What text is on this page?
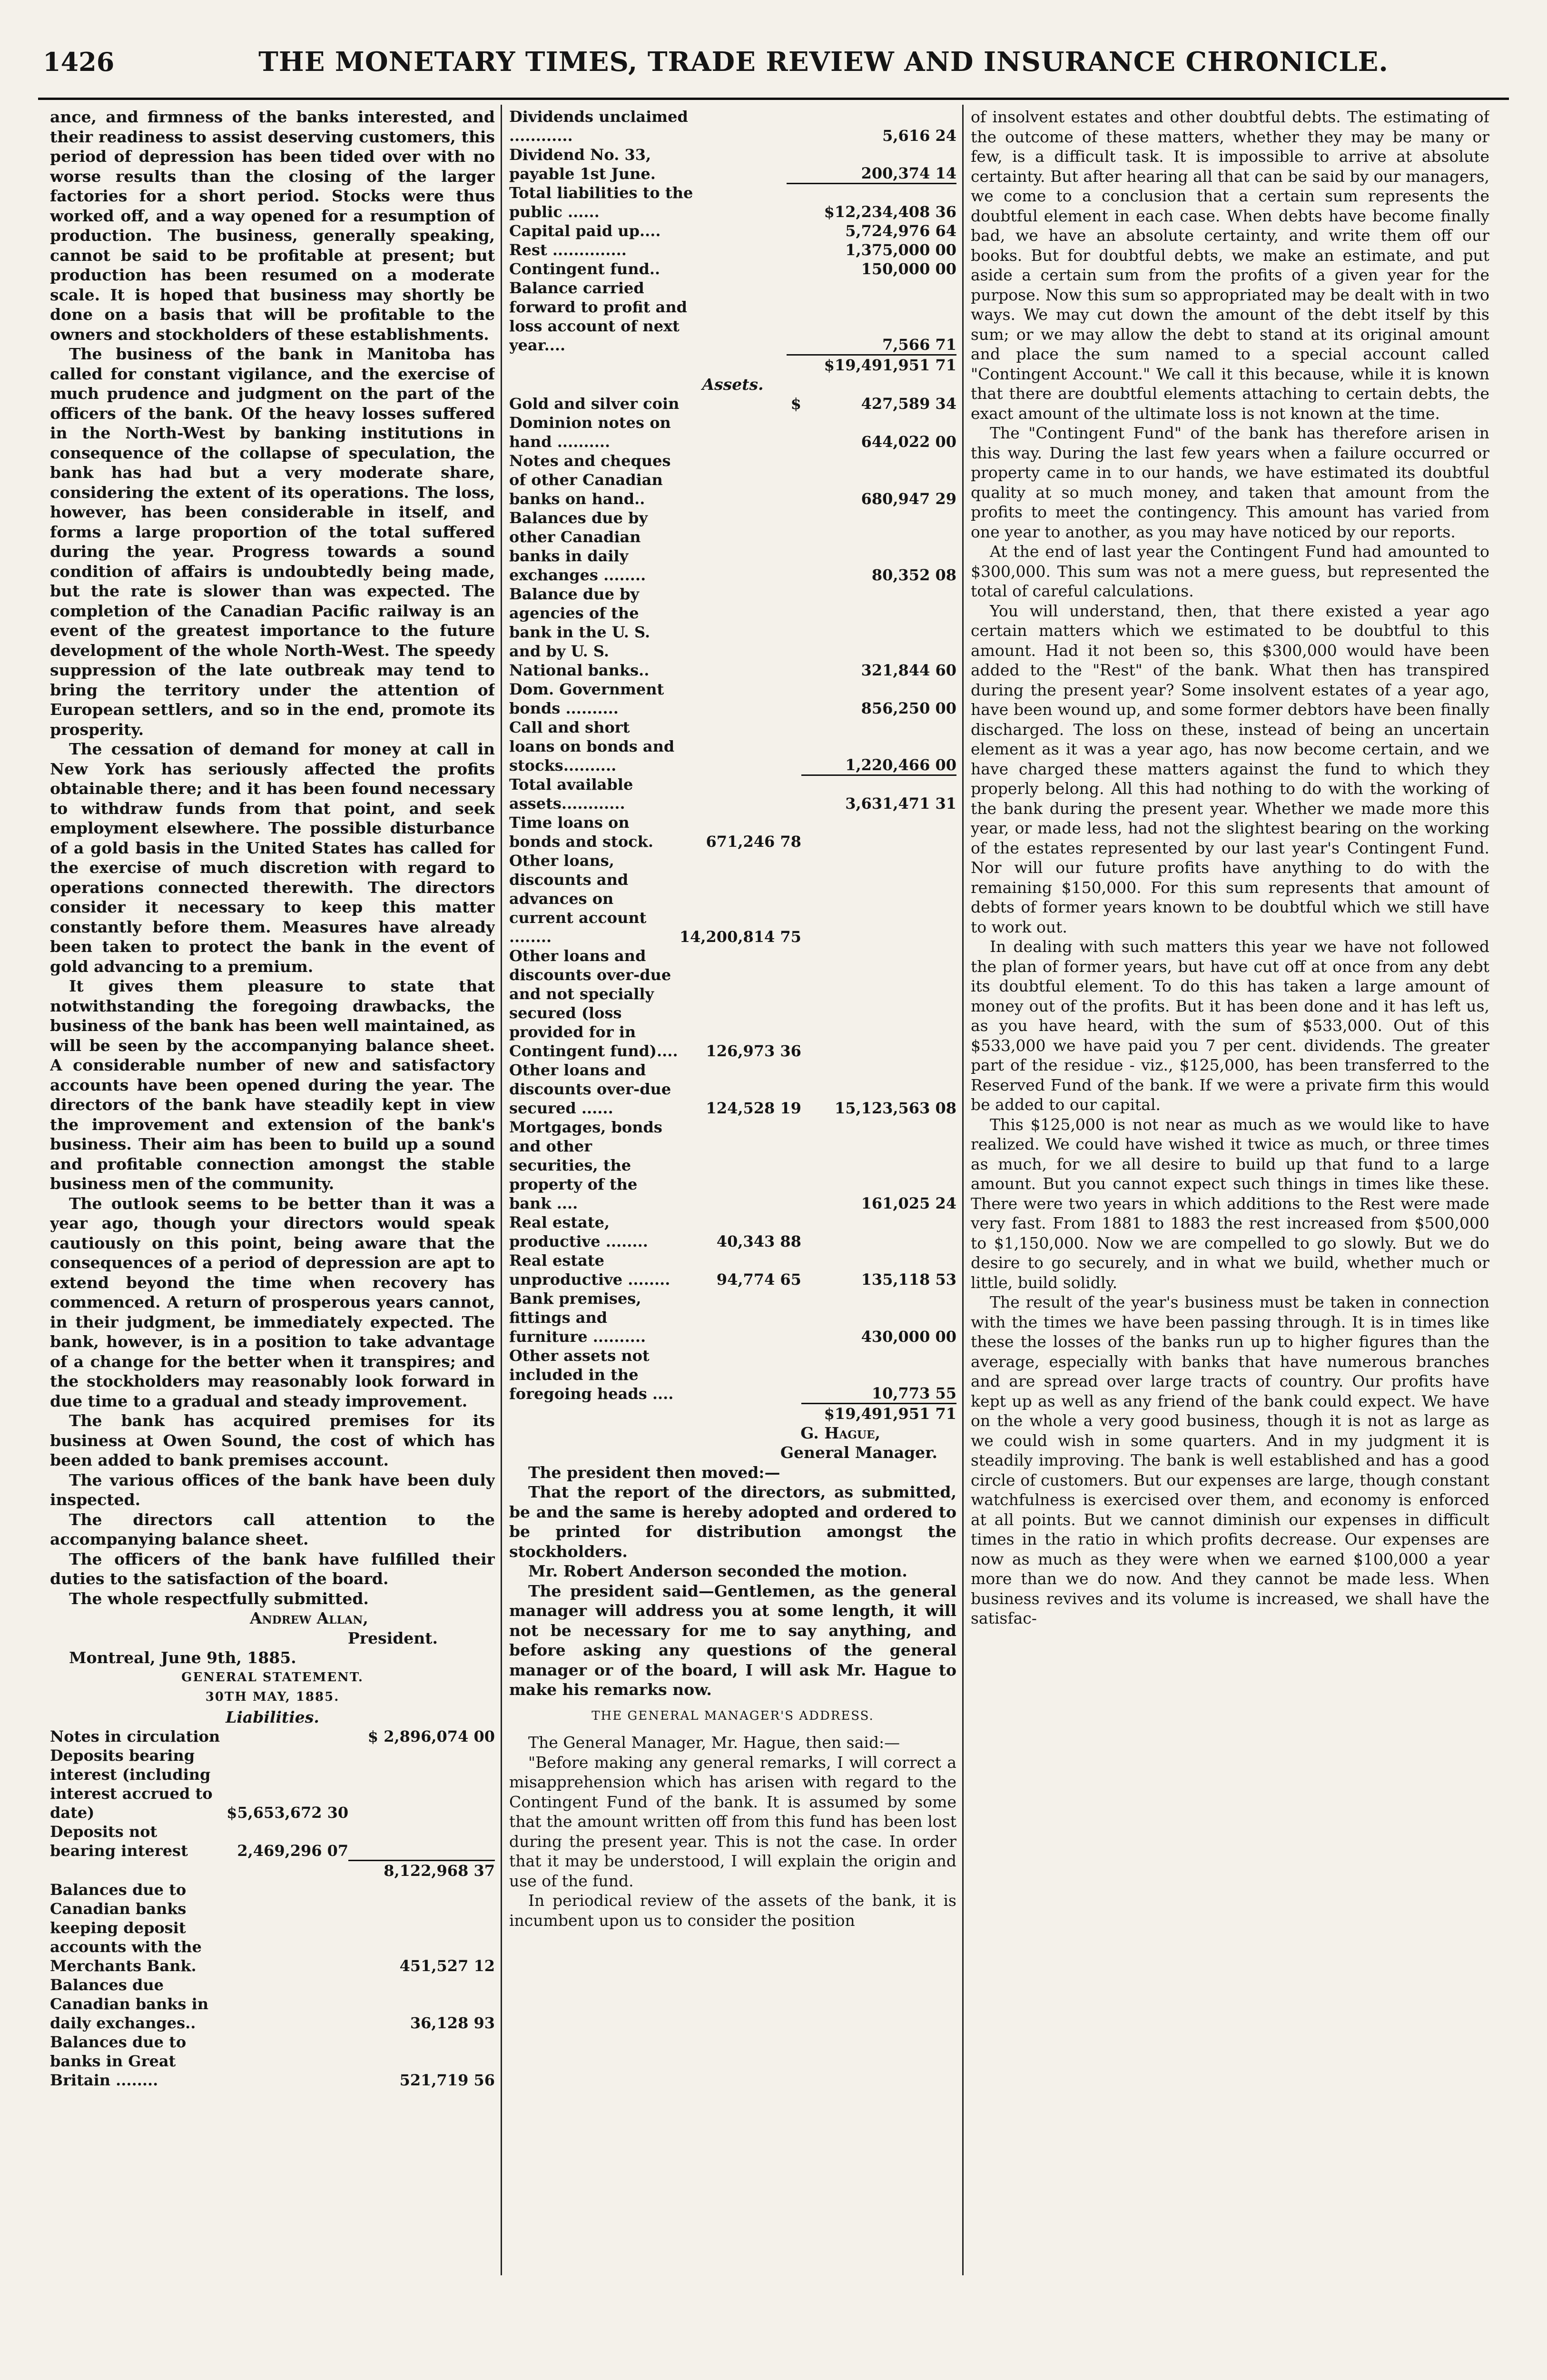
1426	THE MONETARY TIMES, TRADE REVIEW AND INSURANCE CHRONICLE.

ance, and firmness of the banks interested, and their readiness to assist deserving customers, this period of depression has been tided over with no worse results than the closing of the larger factories for a short period. Stocks were thus worked off, and a way opened for a resumption of production. The business, generally speaking, cannot be said to be profitable at present; but production has been resumed on a moderate scale. It is hoped that business may shortly be done on a basis that will be profitable to the owners and stockholders of these establishments.

The business of the bank in Manitoba has called for constant vigilance, and the exercise of much prudence and judgment on the part of the officers of the bank. Of the heavy losses suffered in the North-West by banking institutions in consequence of the collapse of speculation, the bank has had but a very moderate share, considering the extent of its operations. The loss, however, has been considerable in itself, and forms a large proportion of the total suffered during the year. Progress towards a sound condition of affairs is undoubtedly being made, but the rate is slower than was expected. The completion of the Canadian Pacific railway is an event of the greatest importance to the future development of the whole North-West. The speedy suppression of the late outbreak may tend to bring the territory under the attention of European settlers, and so in the end, promote its prosperity.

The cessation of demand for money at call in New York has seriously affected the profits obtainable there; and it has been found necessary to withdraw funds from that point, and seek employment elsewhere. The possible disturbance of a gold basis in the United States has called for the exercise of much discretion with regard to operations connected therewith. The directors consider it necessary to keep this matter constantly before them. Measures have already been taken to protect the bank in the event of gold advancing to a premium.

It gives them pleasure to state that notwithstanding the foregoing drawbacks, the business of the bank has been well maintained, as will be seen by the accompanying balance sheet. A considerable number of new and satisfactory accounts have been opened during the year. The directors of the bank have steadily kept in view the improvement and extension of the bank's business. Their aim has been to build up a sound and profitable connection amongst the stable business men of the community.

The outlook seems to be better than it was a year ago, though your directors would speak cautiously on this point, being aware that the consequences of a period of depression are apt to extend beyond the time when recovery has commenced. A return of prosperous years cannot, in their judgment, be immediately expected. The bank, however, is in a position to take advantage of a change for the better when it transpires; and the stockholders may reasonably look forward in due time to a gradual and steady improvement.

The bank has acquired premises for its business at Owen Sound, the cost of which has been added to bank premises account.

The various offices of the bank have been duly inspected.

The directors call attention to the accompanying balance sheet.

The officers of the bank have fulfilled their duties to the satisfaction of the board.

The whole respectfully submitted.

Andrew Allan,

President.

Montreal, June 9th, 1885.

GENERAL STATEMENT.

30TH MAY, 1885.

Liabilities.

Notes in circulation		$ 2,896,074 00
Deposits bearing interest (including interest accrued to date)	$5,653,672 30	
Deposits not bearing interest	2,469,296 07	
		8,122,968 37
Balances due to Canadian banks keeping deposit accounts with the Merchants Bank.		451,527 12
Balances due Canadian banks in daily exchanges..		36,128 93
Balances due to banks in Great Britain ........		521,719 56
Dividends unclaimed ............		5,616 24
Dividend No. 33, payable 1st June.		200,374 14
Total liabilities to the public ......		$12,234,408 36
Capital paid up....		5,724,976 64
Rest ..............		1,375,000 00
Contingent fund..		150,000 00
Balance carried forward to profit and loss account of next year....		7,566 71
		$19,491,951 71

Assets.

Gold and silver coin	$	427,589 34
Dominion notes on hand ..........		644,022 00
Notes and cheques of other Canadian banks on hand..		680,947 29
Balances due by other Canadian banks in daily exchanges ........		80,352 08
Balance due by agencies of the bank in the U. S. and by U. S. National banks..		321,844 60
Dom. Government bonds ..........		856,250 00
Call and short loans on bonds and stocks..........		1,220,466 00
Total available assets............		3,631,471 31
Time loans on bonds and stock.	671,246 78	
Other loans, discounts and advances on current account ........	14,200,814 75	
Other loans and discounts over-due and not specially secured (loss provided for in Contingent fund)....	126,973 36	
Other loans and discounts over-due secured ......	124,528 19	15,123,563 08
Mortgages, bonds and other securities, the property of the bank ....		161,025 24
Real estate, productive ........	40,343 88	
Real estate unproductive ........	94,774 65	135,118 53
Bank premises, fittings and furniture ..........		430,000 00
Other assets not included in the foregoing heads ....		10,773 55
		$19,491,951 71

G. Hague,

General Manager.

The president then moved:—

That the report of the directors, as submitted, be and the same is hereby adopted and ordered to be printed for distribution amongst the stockholders.

Mr. Robert Anderson seconded the motion.

The president said—Gentlemen, as the general manager will address you at some length, it will not be necessary for me to say anything, and before asking any questions of the general manager or of the board, I will ask Mr. Hague to make his remarks now.

THE GENERAL MANAGER'S ADDRESS.

The General Manager, Mr. Hague, then said:—

"Before making any general remarks, I will correct a misapprehension which has arisen with regard to the Contingent Fund of the bank. It is assumed by some that the amount written off from this fund has been lost during the present year. This is not the case. In order that it may be understood, I will explain the origin and use of the fund.

In periodical review of the assets of the bank, it is incumbent upon us to consider the position

of insolvent estates and other doubtful debts. The estimating of the outcome of these matters, whether they may be many or few, is a difficult task. It is impossible to arrive at absolute certainty. But after hearing all that can be said by our managers, we come to a conclusion that a certain sum represents the doubtful element in each case. When debts have become finally bad, we have an absolute certainty, and write them off our books. But for doubtful debts, we make an estimate, and put aside a certain sum from the profits of a given year for the purpose. Now this sum so appropriated may be dealt with in two ways. We may cut down the amount of the debt itself by this sum; or we may allow the debt to stand at its original amount and place the sum named to a special account called "Contingent Account." We call it this because, while it is known that there are doubtful elements attaching to certain debts, the exact amount of the ultimate loss is not known at the time.

The "Contingent Fund" of the bank has therefore arisen in this way. During the last few years when a failure occurred or property came in to our hands, we have estimated its doubtful quality at so much money, and taken that amount from the profits to meet the contingency. This amount has varied from one year to another, as you may have noticed by our reports.

At the end of last year the Contingent Fund had amounted to $300,000. This sum was not a mere guess, but represented the total of careful calculations.

You will understand, then, that there existed a year ago certain matters which we estimated to be doubtful to this amount. Had it not been so, this $300,000 would have been added to the "Rest" of the bank. What then has transpired during the present year? Some insolvent estates of a year ago, have been wound up, and some former debtors have been finally discharged. The loss on these, instead of being an uncertain element as it was a year ago, has now become certain, and we have charged these matters against the fund to which they properly belong. All this had nothing to do with the working of the bank during the present year. Whether we made more this year, or made less, had not the slightest bearing on the working of the estates represented by our last year's Contingent Fund. Nor will our future profits have anything to do with the remaining $150,000. For this sum represents that amount of debts of former years known to be doubtful which we still have to work out.

In dealing with such matters this year we have not followed the plan of former years, but have cut off at once from any debt its doubtful element. To do this has taken a large amount of money out of the profits. But it has been done and it has left us, as you have heard, with the sum of $533,000. Out of this $533,000 we have paid you 7 per cent. dividends. The greater part of the residue - viz., $125,000, has been transferred to the Reserved Fund of the bank. If we were a private firm this would be added to our capital.

This $125,000 is not near as much as we would like to have realized. We could have wished it twice as much, or three times as much, for we all desire to build up that fund to a large amount. But you cannot expect such things in times like these. There were two years in which additions to the Rest were made very fast. From 1881 to 1883 the rest increased from $500,000 to $1,150,000. Now we are compelled to go slowly. But we do desire to go securely, and in what we build, whether much or little, build solidly.

The result of the year's business must be taken in connection with the times we have been passing through. It is in times like these the losses of the banks run up to higher figures than the average, especially with banks that have numerous branches and are spread over large tracts of country. Our profits have kept up as well as any friend of the bank could expect. We have on the whole a very good business, though it is not as large as we could wish in some quarters. And in my judgment it is steadily improving. The bank is well established and has a good circle of customers. But our expenses are large, though constant watchfulness is exercised over them, and economy is enforced at all points. But we cannot diminish our expenses in difficult times in the ratio in which profits decrease. Our expenses are now as much as they were when we earned $100,000 a year more than we do now. And they cannot be made less. When business revives and its volume is increased, we shall have the satisfac-
